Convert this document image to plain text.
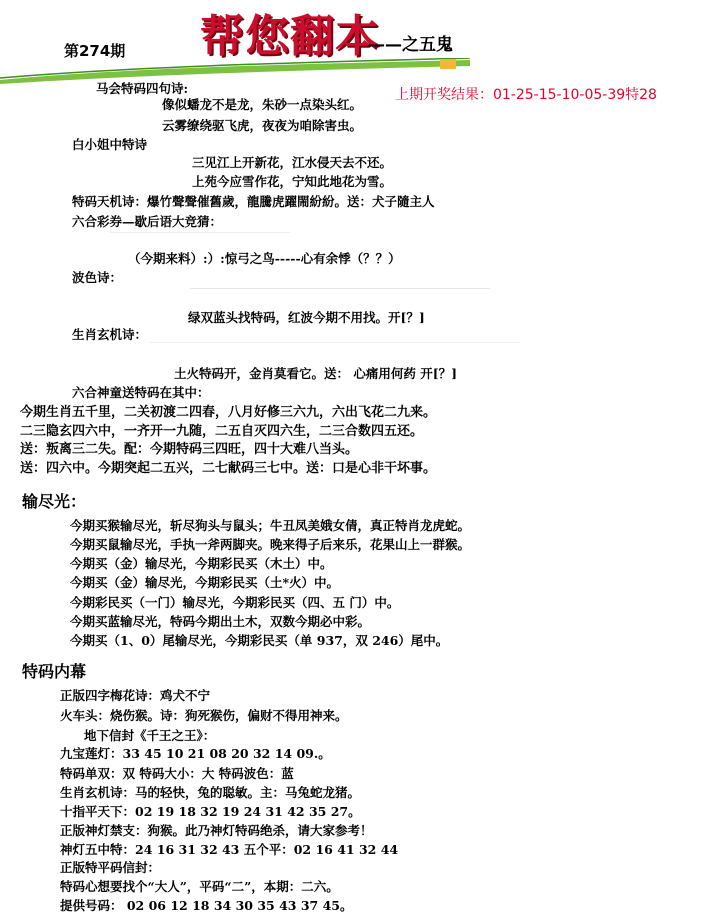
第274期 帮您翻本
——之五鬼
上期开奖结果：01-25-15-10-05-39特28
马会特码四句诗:
像似蟠龙不是龙，朱砂一点染头红。
云雾缭绕驱飞虎，夜夜为咱除害虫。
白小姐中特诗
三见江上开新花，江水侵天去不还。
上苑今应雪作花，宁知此地花为雪。
特码天机诗：爆竹聲聲催舊歲，龍騰虎躍閙紛紛。送：犬子隨主人
六合彩券—歇后语大竞猜：
（今期来料）:）:惊弓之鸟-----心有余悸（？？）
波色诗：
绿双蓝头找特码，红波今期不用找。开[？]
生肖玄机诗：
土火特码开，金肖莫看它。送： 心痛用何药 开[？]
六合神童送特码在其中：
今期生肖五千里，二关初渡二四春，八月好修三六九，六出飞花二九来。
二三隐玄四六中，一齐开一九随，二五自灭四六生，二三合数四五还。
送：叛离三二失。配：今期特码三四旺，四十大难八当头。
送：四六中。今期突起二五兴，二七献码三七中。送：口是心非干坏事。
输尽光：
今期买猴输尽光，斩尽狗头与鼠头；牛丑凤美娥女倩，真正特肖龙虎蛇。
今期买鼠输尽光，手执一斧两脚夹。晚来得子后来乐，花果山上一群猴。
今期买（金）输尽光，今期彩民买（木土）中。
今期买（金）输尽光，今期彩民买（土*火）中。
今期彩民买（一门）输尽光，今期彩民买（四、五 门）中。
今期买蓝输尽光，特码今期出土木，双数今期必中彩。
今期买（1、0）尾输尽光，今期彩民买（单 937，双 246）尾中。
特码内幕
正版四字梅花诗：鸡犬不宁
火车头：烧伤猴。诗：狗死猴伤，偏财不得用神来。
地下信封《千王之王》：
九宝莲灯：33 45 10 21 08 20 32 14 09.。
特码单双：双 特码大小：大 特码波色：蓝
生肖玄机诗：马的轻快，兔的聪敏。主：马兔蛇龙猪。
十指平天下：02 19 18 32 19 24 31 42 35 27。
正版神灯禁支：狗猴。此乃神灯特码绝杀，请大家参考！
神灯五中特：24 16 31 32 43 五个平：02 16 41 32 44
正版特平码信封：
特码心想要找个“大人”，平码“二”，本期：二六。
提供号码： 02 06 12 18 34 30 35 43 37 45。
